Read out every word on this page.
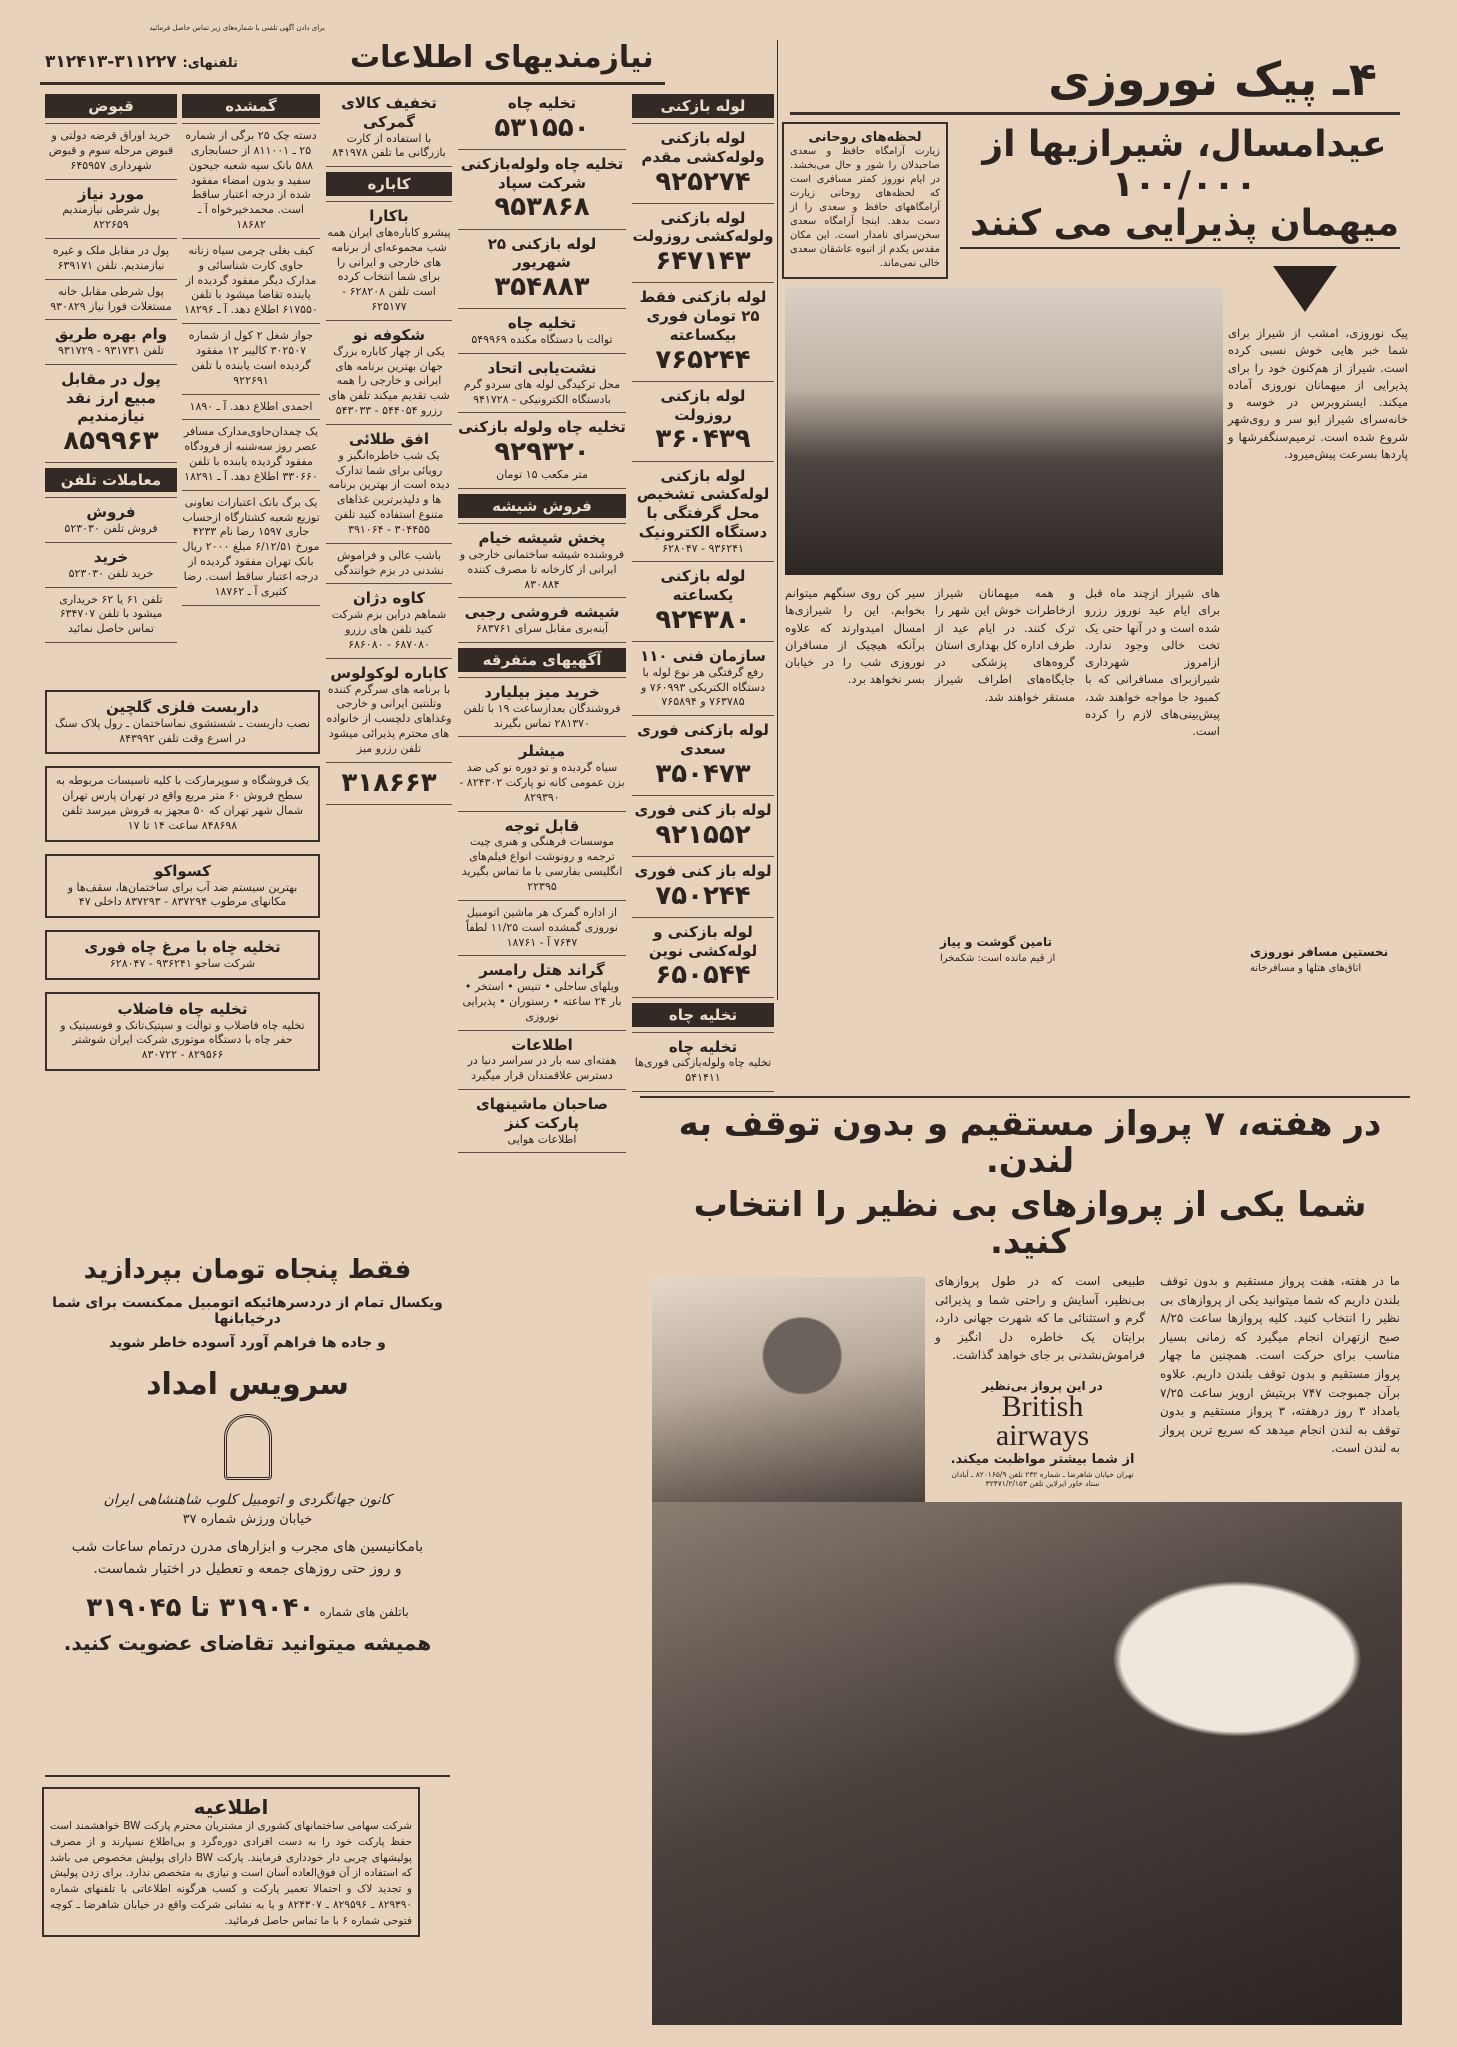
۴ـ پیک نوروزی
نیازمندیهای اطلاعات
برای دادن آگهی تلفنی با شماره‌های زیر تماس حاصل فرمائید
تلفنهای: ۳۱۱۲۲۷-۳۱۲۴۱۳
عیدامسال، شیرازیها از ۱۰۰/۰۰۰
میهمان پذیرایی می کنند
لحظه‌های روحانی
زیارت آرامگاه حافظ و سعدی صاحبدلان را شور و حال می‌بخشد. در ایام نوروز کمتر مسافری است که لحظه‌های روحانی زیارت آرامگاههای حافظ و سعدی را از دست بدهد. اینجا آرامگاه سعدی سخن‌سرای نامدار است. این مکان مقدس یکدم از انبوه عاشقان سعدی خالی نمی‌ماند.
پیک نوروزی، امشب از شیراز برای شما خبر هایی خوش نسبی کرده است. شیراز از هم‌کنون خود را برای پذیرایی از میهمانان نوروزی آماده میکند. ایستروبرس در خوسه و خانه‌سرای شیراز ابو سر و روی‌شهر شروع شده است. ترمیم‌سنگفرشها و پاردها بسرعت پیش‌میرود.
های شیراز ازچند ماه قبل برای ایام عید نوروز رزرو شده است و در آنها حتی یک تخت خالی وجود ندارد. ازامروز شهرداری شیرازبرای مسافرانی که با کمبود جا مواجه خواهند شد، پیش‌بینی‌های لازم را کرده است.
و همه میهمانان شیراز ازخاطرات خوش این شهر را ترک کنند. در ایام عید از طرف اداره کل بهداری استان گروه‌های پزشکی در جایگاه‌های اطراف شیراز مستقر خواهند شد.
سیر کن روی سنگهم میتوانم بخوابم. این را شیرازی‌ها امسال امیدوارند که علاوه برآنکه هیچیک از مسافران نوروزی شب را در خیابان بسر نخواهد برد.
تامین گوشت و پیاز
از قیم مانده است: شکمخرا	نخستین مسافر نوروزی
اتاق‌های هتلها و مسافرخانه
لوله بازکنی
لوله بازکنی ولوله‌کشی مقدم
۹۲۵۲۷۴
لوله بازکنی ولوله‌کشی روزولت
۶۴۷۱۴۳
لوله بازکنی فقط ۲۵ تومان فوری بیکساعته
۷۶۵۲۴۴
لوله بازکنی روزولت
۳۶۰۴۳۹
لوله بازکنی لوله‌کشی تشخیص محل گرفتگی با دستگاه الکترونیک
۹۳۶۲۴۱ - ۶۲۸۰۴۷
لوله بازکنی یکساعته
۹۲۴۳۸۰
سازمان فنی ۱۱۰
رفع گرفتگی هر نوع لوله با دستگاه الکتریکی ۷۶۰۹۹۳ و ۷۶۳۷۸۵ و ۷۶۵۸۹۴
لوله بازکنی فوری سعدی
۳۵۰۴۷۳
لوله باز کنی فوری
۹۲۱۵۵۲
لوله باز کنی فوری
۷۵۰۲۴۴
لوله بازکنی و لوله‌کشی نوین
۶۵۰۵۴۴
تخلیه چاه
تخلیه چاه
تخلیه چاه ولوله‌بازکنی فوری‌ها ۵۴۱۴۱۱
تخلیه چاه
۵۳۱۵۵۰
تخلیه چاه ولوله‌بازکنی شرکت سپاد
۹۵۳۸۶۸
لوله بازکنی ۲۵ شهریور
۳۵۴۸۸۳
تخلیه چاه
توالت با دستگاه مکنده ۵۴۹۹۶۹
نشت‌یابی اتحاد
محل ترکیدگی لوله های سردو گرم بادستگاه الکترونیکی - ۹۴۱۷۲۸
تخلیه چاه ولوله بازکنی
۹۲۹۳۲۰
متر مکعب ۱۵ تومان
فروش شیشه
پخش شیشه خیام
فروشنده شیشه ساختمانی خارجی و ایرانی از کارخانه تا مصرف کننده ۸۳۰۸۸۴
شیشه فروشی رجبی
آینه‌بری مقابل سرای ۶۸۳۷۶۱
آگهیهای متفرقه
خرید میز بیلیارد
فروشندگان بعدازساعت ۱۹ با تلفن ۲۸۱۳۷۰ تماس بگیرند
میشلر
سیاه گردیده و تو دوره نو کی ضد بزن عمومی کانه نو پارکت ۸۲۴۳۰۲ - ۸۲۹۳۹۰
قابل توجه
موسسات فرهنگی و هنری چیت ترجمه و رونوشت انواع فیلم‌های انگلیسی بفارسی با ما تماس بگیرید ۲۲۳۹۵
از اداره گمرک هر ماشین اتومبیل نوروزی گمشده است ۱۱/۲۵ لطفاً ۷۶۴۷ آ - ۱۸۷۶۱
گراند هتل رامسر
ویلهای ساحلی • تنیس • استخر • بار ۲۴ ساعته • رستوران • پذیرایی نوروزی
اطلاعات
هفته‌ای سه بار در سراسر دنیا در دسترس علاقمندان قرار میگیرد
صاحبان ماشینهای پارکت کنز
اطلاعات هوایی
تخفیف کالای گمرکی
با استفاده از کارت بازرگانی ما تلفن ۸۴۱۹۷۸
کاباره
باکارا
پیشرو کاباره‌های ایران همه شب مجموعه‌ای از برنامه های خارجی و ایرانی را برای شما انتخاب کرده است تلفن ۶۲۸۲۰۸ - ۶۲۵۱۷۷
شکوفه نو
یکی از چهار کاباره بزرگ جهان بهترین برنامه های ایرانی و خارجی را همه شب تقدیم میکند تلفن های رزرو ۵۴۴۰۵۴ - ۵۴۳۰۳۳
افق طلائی
یک شب خاطره‌انگیز و رویائی برای شما تدارک دیده است از بهترین برنامه ها و دلپذیرترین غذاهای متنوع استفاده کنید تلفن ۳۰۴۴۵۵ - ۳۹۱۰۶۴
باشب عالی و فراموش نشدنی در بزم خوانندگی
کاوه دژان
شماهم دراین بزم شرکت کنید تلفن های رزرو ۶۸۷۰۸۰ - ۶۸۶۰۸۰
کاباره لوکولوس
با برنامه های سرگرم کننده وتلنتین ایرانی و خارجی وغذاهای دلچسب از خانواده های محترم پذیرائی میشود تلفن رزرو میز
۳۱۸۶۶۳
گمشده
دسته چک ۲۵ برگی از شماره ۲۵ ـ ۸۱۱۰۰۱ از حسابجاری ۵۸۸ بانک سپه شعبه جیحون سفید و بدون امضاء مفقود شده از درجه اعتبار ساقط است. محمدخیرخواه آ ـ ۱۸۶۸۲
کیف بغلی چرمی سیاه زنانه حاوی کارت شناسائی و مدارک دیگر مفقود گردیده از یابنده تقاضا میشود با تلفن ۶۱۷۵۵۰ اطلاع دهد. آ ـ ۱۸۲۹۶
جواز شغل ۲ کول از شماره ۳۰۲۵۰۷ کالیبر ۱۲ مفقود گردیده است یابنده با تلفن ۹۲۲۶۹۱
احمدی اطلاع دهد. آ ـ ۱۸۹۰
یک چمدان‌حاوی‌مدارک مسافر عصر روز سه‌شنبه از فرودگاه مفقود گردیده یابنده با تلفن ۳۳۰۶۶۰ اطلاع دهد. آ ـ ۱۸۲۹۱
یک برگ بانک اعتبارات تعاونی توزیع شعبه کشتارگاه ازحساب جاری ۱۵۹۷ رضا نام ۴۲۳۳ مورخ ۶/۱۲/۵۱ مبلغ ۲۰۰۰ ریال بانک تهران مفقود گردیده از درجه اعتبار ساقط است. رضا کثیری آ ـ ۱۸۷۶۲
قبوض
خرید اوراق قرضه دولتی و قبوض مرحله سوم و قبوض شهرداری ۶۴۵۹۵۷
مورد نیاز
پول شرطی نیازمندیم ۸۲۲۶۵۹
پول در مقابل ملک و غیره نیازمندیم. تلفن ۶۳۹۱۷۱
پول شرطی مقابل خانه مستغلات فورا نیاز ۹۳۰۸۲۹
وام بهره طریق
تلفن ۹۳۱۷۳۱ - ۹۳۱۷۲۹
پول در مقابل مبیع ارز نقد نیازمندیم
۸۵۹۹۶۳
معاملات تلفن
فروش
فروش تلفن ۵۲۳۰۳۰
خرید
خرید تلفن ۵۲۳۰۳۰
تلفن ۶۱ یا ۶۲ خریداری میشود با تلفن ۶۳۴۷۰۷ تماس حاصل نمائید
داربست فلزی گلچین
نصب داربست ـ شستشوی نماساختمان ـ رول پلاک سنگ در اسرع وقت تلفن ۸۴۳۹۹۲
یک فروشگاه و سوپرمارکت با کلیه تاسیسات مربوطه به سطح فروش ۶۰ متر مربع واقع در تهران پارس تهران شمال شهر تهران که ۵۰ مجهز به فروش میرسد تلفن ۸۴۸۶۹۸ ساعت ۱۴ تا ۱۷
کسواکو
بهترین سیستم ضد آب برای ساختمان‌ها، سقف‌ها و مکانهای مرطوب ۸۳۷۲۹۴ - ۸۳۷۲۹۳ داخلی ۴۷
تخلیه چاه با مرغ چاه فوری
شرکت ساجو ۹۳۶۲۴۱ - ۶۲۸۰۴۷
تخلیه چاه فاضلاب
تخلیه چاه فاضلاب و توالت و سپتیک‌تانک و فونسیتیک و حفر چاه با دستگاه موتوری شرکت ایران شوشتر ۸۲۹۵۶۶ - ۸۳۰۷۲۲
فقط پنجاه تومان بپردازید
ویکسال تمام از دردسرهائیکه اتومبیل ممکنست برای شما درخیابانها
و جاده ها فراهم آورد آسوده خاطر شوید
سرویس امداد
کانون جهانگردی و اتومبیل کلوب شاهنشاهی ایران
خیابان ورزش شماره ۳۷
بامکانیسین های مجرب و ابزارهای مدرن درتمام ساعات شب
و روز حتی روزهای جمعه و تعطیل در اختیار شماست.
باتلفن های شماره ۳۱۹۰۴۰ تا ۳۱۹۰۴۵
همیشه میتوانید تقاضای عضویت کنید.
اطلاعیه
شرکت سهامی ساختمانهای کشوری از مشتریان محترم پارکت BW خواهشمند است حفظ پارکت خود را به دست افرادی دوره‌گرد و بی‌اطلاع نسپارند و از مصرف پولیشهای چربی دار خودداری فرمایند. پارکت BW دارای پولیش مخصوص می باشد که استفاده از آن فوق‌العاده آسان است و نیازی به متخصص ندارد. برای زدن پولیش و تجدید لاک و احتمالا تعمیر پارکت و کسب هرگونه اطلاعاتی با تلفنهای شماره ۸۲۹۳۹۰ ـ ۸۲۹۵۹۶ ـ ۸۲۴۳۰۷ و یا به نشانی شرکت واقع در خیابان شاهرضا ـ کوچه فتوحی شماره ۶ با ما تماس حاصل فرمائید.
در هفته، ۷ پرواز مستقیم و بدون توقف به لندن.
شما یکی از پروازهای بی نظیر را انتخاب کنید.
ما در هفته، هفت پرواز مستقیم و بدون توقف بلندن داریم که شما میتوانید یکی از پروازهای بی نظیر را انتخاب کنید. کلیه پروازها ساعت ۸/۲۵ صبح ازتهران انجام میگیرد که زمانی بسیار مناسب برای حرکت است. همچنین ما چهار پرواز مستقیم و بدون توقف بلندن داریم. علاوه برآن جمبوجت ۷۴۷ بریتیش ارویز ساعت ۷/۲۵ بامداد ۳ روز درهفته، ۳ پرواز مستقیم و بدون توقف به لندن انجام میدهد که سریع ترین پرواز به لندن است.
طبیعی است که در طول پروازهای بی‌نظیر، آسایش و راحتی شما و پذیرائی گرم و استثنائی ما که شهرت جهانی دارد، برایتان یک خاطره دل انگیز و فراموش‌نشدنی بر جای خواهد گذاشت.
در این پرواز بی‌نظیر
British
airways
از شما بیشتر مواظبت میکند.
تهران خیابان شاهرضا ـ شماره ۲۳۲ تلفن ۸۲۰۱۶۵/۹ ـ آبادان ستاد خاور ایرلاین تلفن ۳۲۴۷۱/۲/۱۵۳
